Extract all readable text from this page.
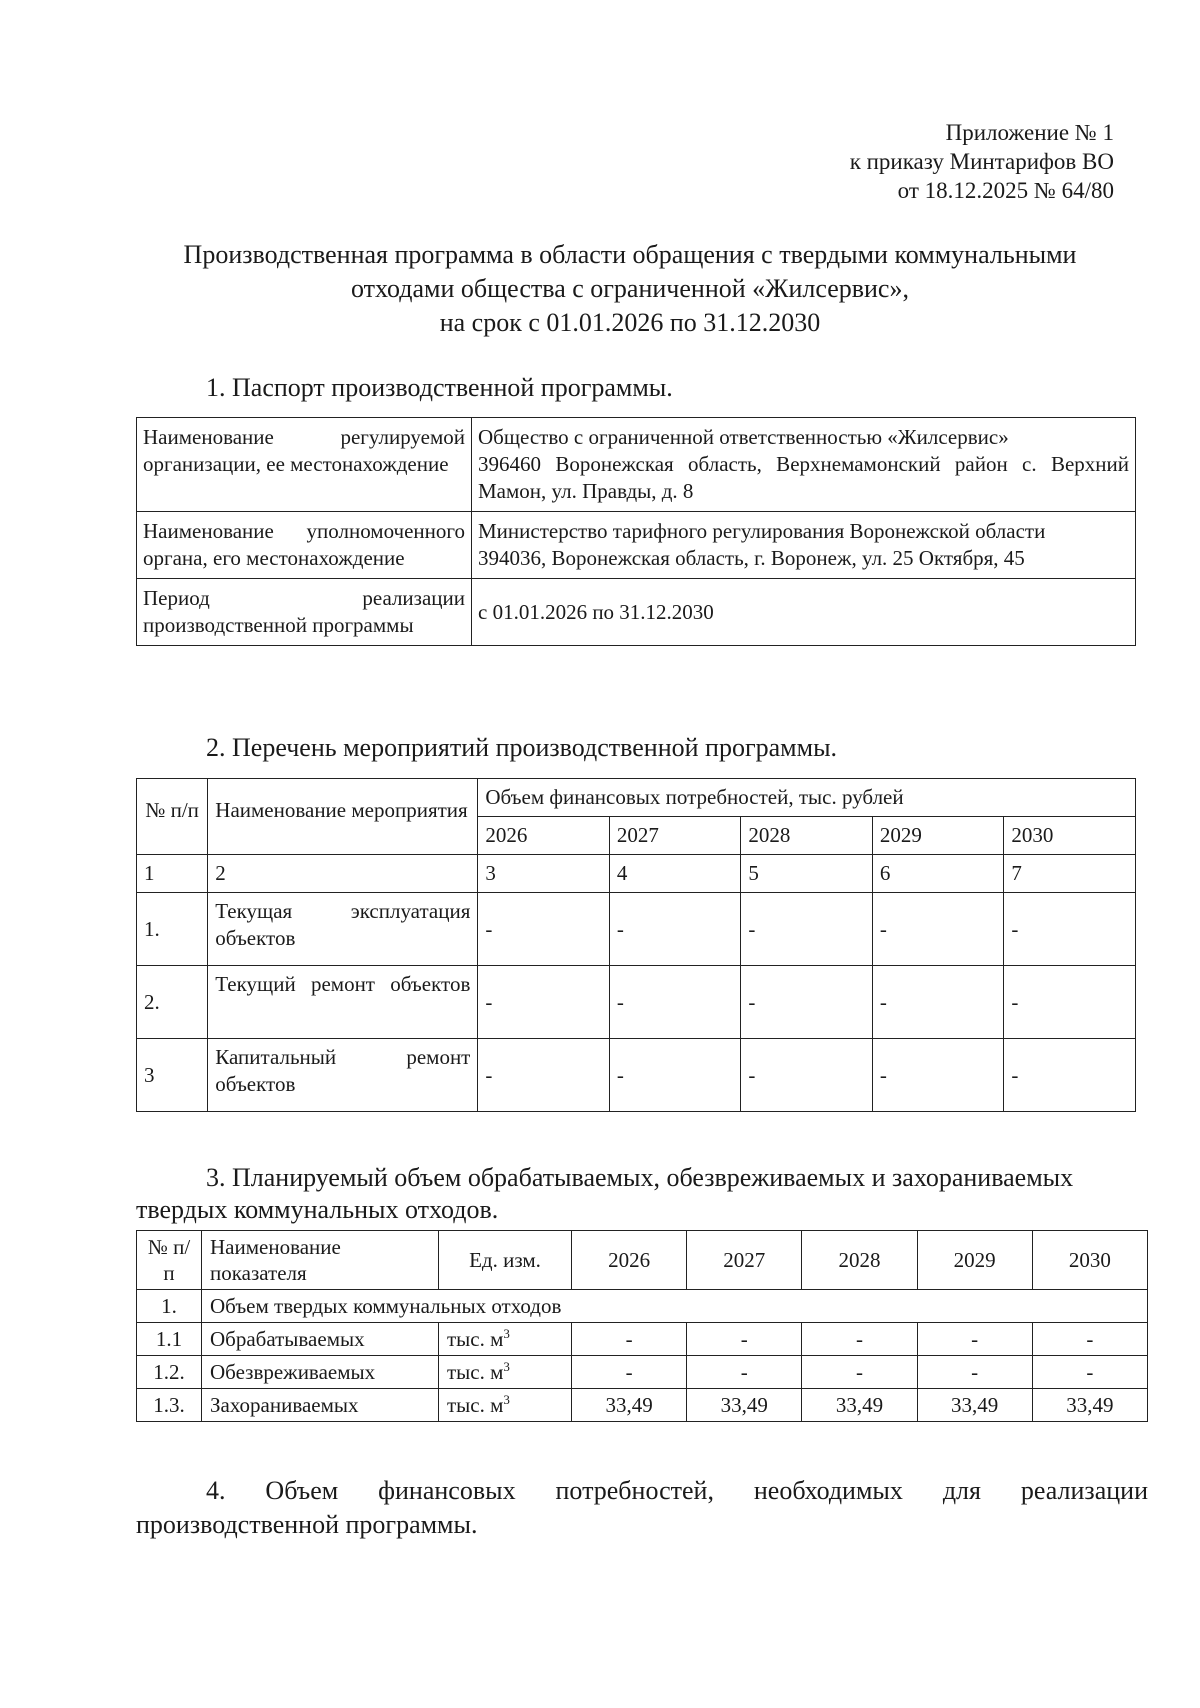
Приложение № 1
к приказу Минтарифов ВО
от 18.12.2025 № 64/80
Производственная программа в области обращения с твердыми коммунальными
отходами общества с ограниченной «Жилсервис»,
на срок с 01.01.2026 по 31.12.2030
1. Паспорт производственной программы.
Наименование регулируемой организации, ее местонахождение	Общество с ограниченной ответственностью «Жилсервис»
396460 Воронежская область, Верхнемамонский район с. Верхний Мамон, ул. Правды, д. 8

Наименование уполномоченного органа, его местонахождение	Министерство тарифного регулирования Воронежской области
394036, Воронежская область, г. Воронеж, ул. 25 Октября, 45

Период реализации производственной программы	с 01.01.2026 по 31.12.2030
2. Перечень мероприятий производственной программы.
№ п/п	Наименование мероприятия	Объем финансовых потребностей, тыс. рублей				
		2026	2027	2028	2029	2030
1	2	3	4	5	6	7
1.	Текущая эксплуатация объектов	-	-	-	-	-
2.	Текущий ремонт объектов	-	-	-	-	-
3	Капитальный ремонт объектов	-	-	-	-	-
3. Планируемый объем обрабатываемых, обезвреживаемых и захораниваемых
твердых коммунальных отходов.
№ п/п	Наименование показателя	Ед. изм.	2026	2027	2028	2029	2030
1.	Объем твердых коммунальных отходов						
1.1	Обрабатываемых	тыс. $м^3$	-	-	-	-	-
1.2.	Обезвреживаемых	тыс. $м^3$	-	-	-	-	-
1.3.	Захораниваемых	тыс. $м^3$	33,49	33,49	33,49	33,49	33,49
4. Объем финансовых потребностей, необходимых для реализации производственной программы.
